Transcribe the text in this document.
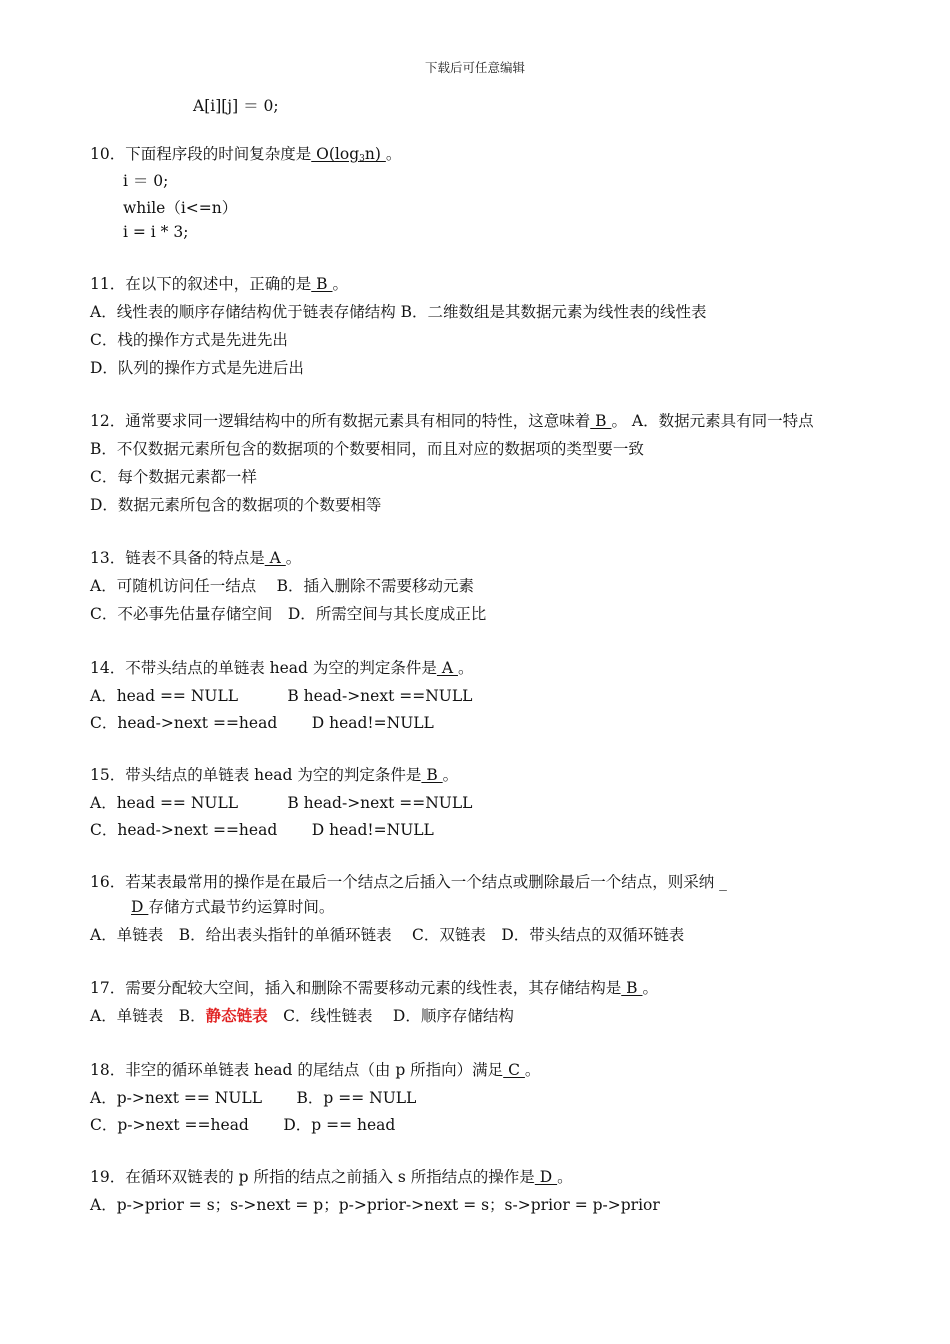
下载后可任意编辑
A[i][j] ＝ 0;
10．下面程序段的时间复杂度是 $O(\log_3n)$ 。
i ＝ 0;
while（i<=n）
i = i * 3;
11．在以下的叙述中，正确的是 B 。
A．线性表的顺序存储结构优于链表存储结构 B．二维数组是其数据元素为线性表的线性表
C．栈的操作方式是先进先出
D．队列的操作方式是先进后出
12．通常要求同一逻辑结构中的所有数据元素具有相同的特性，这意味着 B 。 A．数据元素具有同一特点
B．不仅数据元素所包含的数据项的个数要相同，而且对应的数据项的类型要一致
C．每个数据元素都一样
D．数据元素所包含的数据项的个数要相等
13．链表不具备的特点是 A 。
A．可随机访问任一结点　 B．插入删除不需要移动元素
C．不必事先估量存储空间　D．所需空间与其长度成正比
14．不带头结点的单链表 head 为空的判定条件是 A 。
A．head == NULL          B head->next ==NULL
C．head->next ==head       D head!=NULL
15．带头结点的单链表 head 为空的判定条件是 B 。
A．head == NULL          B head->next ==NULL
C．head->next ==head       D head!=NULL
16．若某表最常用的操作是在最后一个结点之后插入一个结点或删除最后一个结点，则采纳 _
D 存储方式最节约运算时间。
A．单链表　B．给出表头指针的单循环链表　 C．双链表　D．带头结点的双循环链表
17．需要分配较大空间，插入和删除不需要移动元素的线性表，其存储结构是 B 。
A．单链表　B．静态链表　C．线性链表　 D．顺序存储结构
18．非空的循环单链表 head 的尾结点（由 p 所指向）满足 C 。
A．p->next == NULL       B．p == NULL
C．p->next ==head       D．p == head
19．在循环双链表的 p 所指的结点之前插入 s 所指结点的操作是 D 。
A．p->prior = s；s->next = p；p->prior->next = s；s->prior = p->prior
